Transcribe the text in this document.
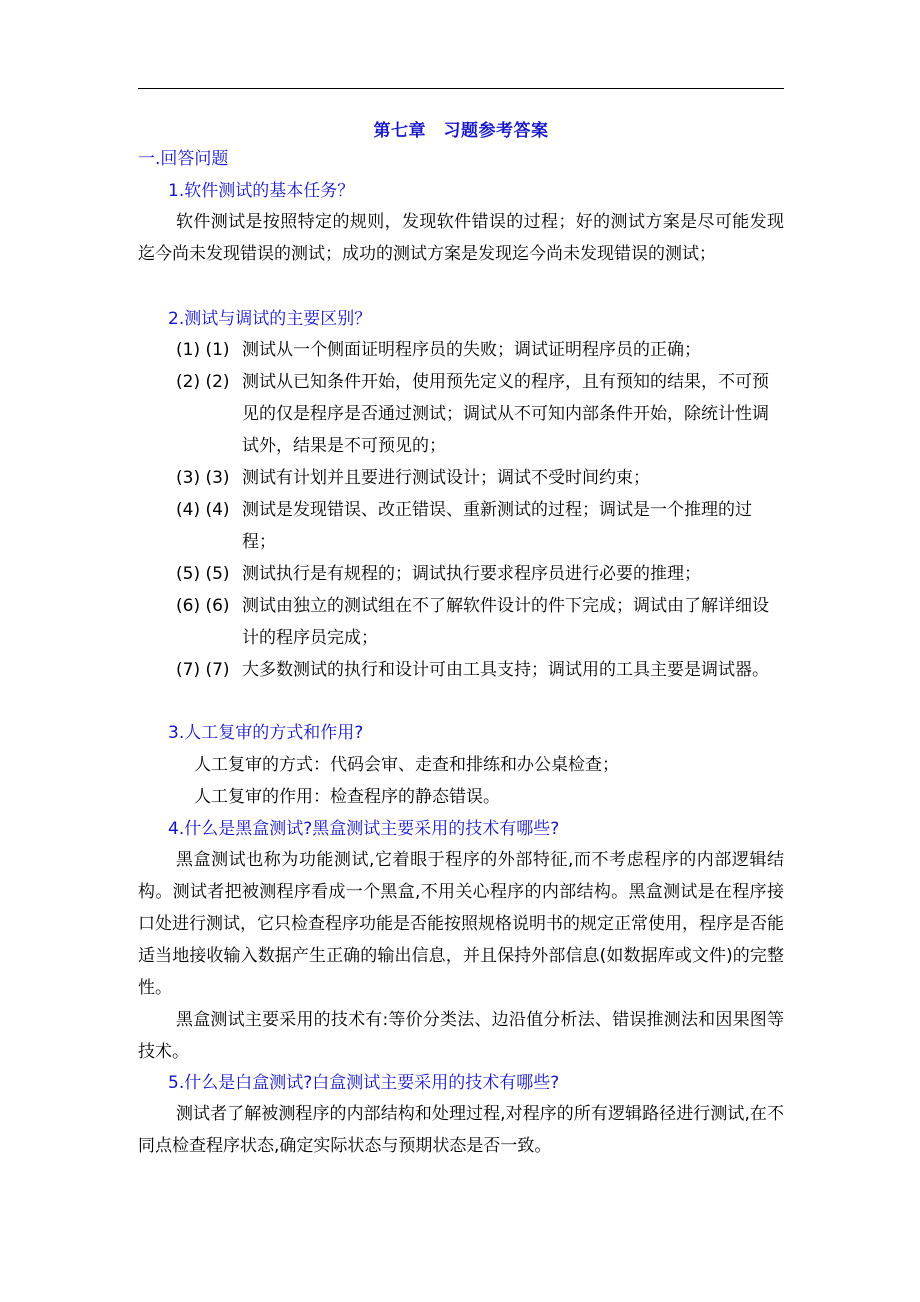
第七章　习题参考答案
一.回答问题
1.软件测试的基本任务？
软件测试是按照特定的规则，发现软件错误的过程；好的测试方案是尽可能发现迄今尚未发现错误的测试；成功的测试方案是发现迄今尚未发现错误的测试；
2.测试与调试的主要区别？
(1) (1) 测试从一个侧面证明程序员的失败；调试证明程序员的正确；
(2) (2) 测试从已知条件开始，使用预先定义的程序，且有预知的结果，不可预见的仅是程序是否通过测试；调试从不可知内部条件开始，除统计性调试外，结果是不可预见的；
(3) (3) 测试有计划并且要进行测试设计；调试不受时间约束；
(4) (4) 测试是发现错误、改正错误、重新测试的过程；调试是一个推理的过程；
(5) (5) 测试执行是有规程的；调试执行要求程序员进行必要的推理；
(6) (6) 测试由独立的测试组在不了解软件设计的件下完成；调试由了解详细设计的程序员完成；
(7) (7) 大多数测试的执行和设计可由工具支持；调试用的工具主要是调试器。
3.人工复审的方式和作用?
人工复审的方式：代码会审、走查和排练和办公桌检查；
人工复审的作用：检查程序的静态错误。
4.什么是黑盒测试?黑盒测试主要采用的技术有哪些?
黑盒测试也称为功能测试,它着眼于程序的外部特征,而不考虑程序的内部逻辑结构。测试者把被测程序看成一个黑盒,不用关心程序的内部结构。黑盒测试是在程序接口处进行测试，它只检查程序功能是否能按照规格说明书的规定正常使用，程序是否能适当地接收输入数据产生正确的输出信息，并且保持外部信息(如数据库或文件)的完整性。
黑盒测试主要采用的技术有:等价分类法、边沿值分析法、错误推测法和因果图等技术。
5.什么是白盒测试?白盒测试主要采用的技术有哪些?
测试者了解被测程序的内部结构和处理过程,对程序的所有逻辑路径进行测试,在不同点检查程序状态,确定实际状态与预期状态是否一致。
